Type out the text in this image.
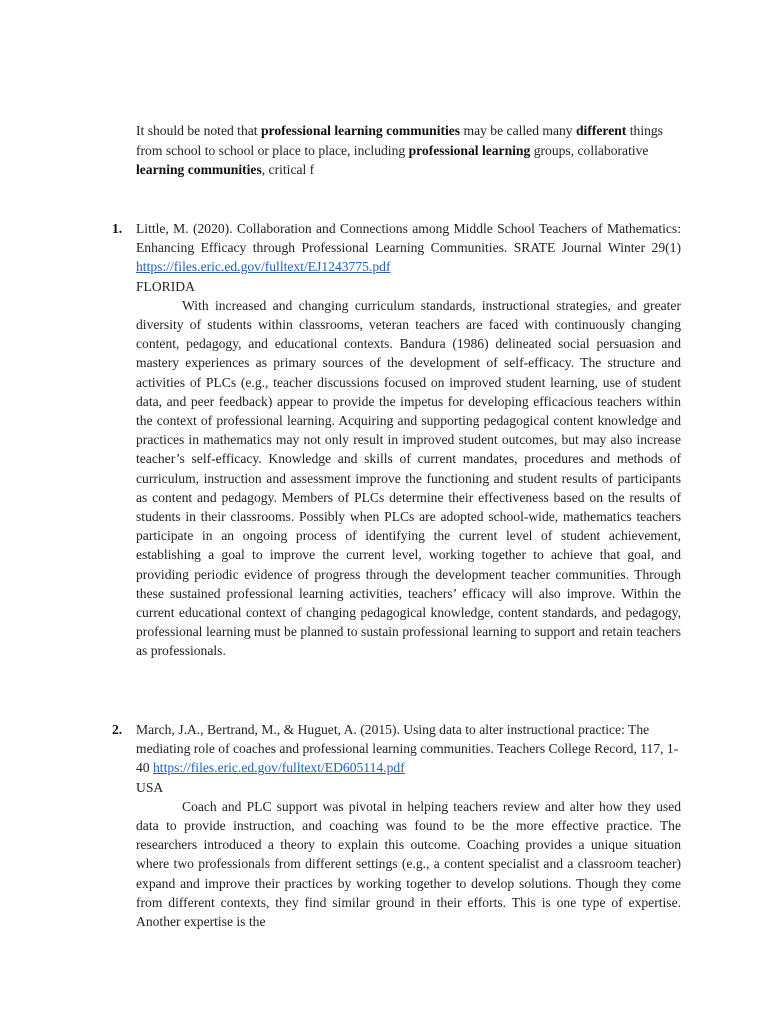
It should be noted that professional learning communities may be called many different things from school to school or place to place, including professional learning groups, collaborative learning communities, critical f

1. Little, M. (2020). Collaboration and Connections among Middle School Teachers of Mathematics: Enhancing Efficacy through Professional Learning Communities. SRATE Journal Winter 29(1) https://files.eric.ed.gov/fulltext/EJ1243775.pdf
FLORIDA

With increased and changing curriculum standards, instructional strategies, and greater diversity of students within classrooms, veteran teachers are faced with continuously changing content, pedagogy, and educational contexts. Bandura (1986) delineated social persuasion and mastery experiences as primary sources of the development of self-efficacy. The structure and activities of PLCs (e.g., teacher discussions focused on improved student learning, use of student data, and peer feedback) appear to provide the impetus for developing efficacious teachers within the context of professional learning. Acquiring and supporting pedagogical content knowledge and practices in mathematics may not only result in improved student outcomes, but may also increase teacher’s self-efficacy. Knowledge and skills of current mandates, procedures and methods of curriculum, instruction and assessment improve the functioning and student results of participants as content and pedagogy. Members of PLCs determine their effectiveness based on the results of students in their classrooms. Possibly when PLCs are adopted school-wide, mathematics teachers participate in an ongoing process of identifying the current level of student achievement, establishing a goal to improve the current level, working together to achieve that goal, and providing periodic evidence of progress through the development teacher communities. Through these sustained professional learning activities, teachers’ efficacy will also improve. Within the current educational context of changing pedagogical knowledge, content standards, and pedagogy, professional learning must be planned to sustain professional learning to support and retain teachers as professionals.

2. March, J.A., Bertrand, M., & Huguet, A. (2015). Using data to alter instructional practice: The mediating role of coaches and professional learning communities. Teachers College Record, 117, 1-40 https://files.eric.ed.gov/fulltext/ED605114.pdf
USA

Coach and PLC support was pivotal in helping teachers review and alter how they used data to provide instruction, and coaching was found to be the more effective practice. The researchers introduced a theory to explain this outcome. Coaching provides a unique situation where two professionals from different settings (e.g., a content specialist and a classroom teacher) expand and improve their practices by working together to develop solutions. Though they come from different contexts, they find similar ground in their efforts. This is one type of expertise. Another expertise is the
